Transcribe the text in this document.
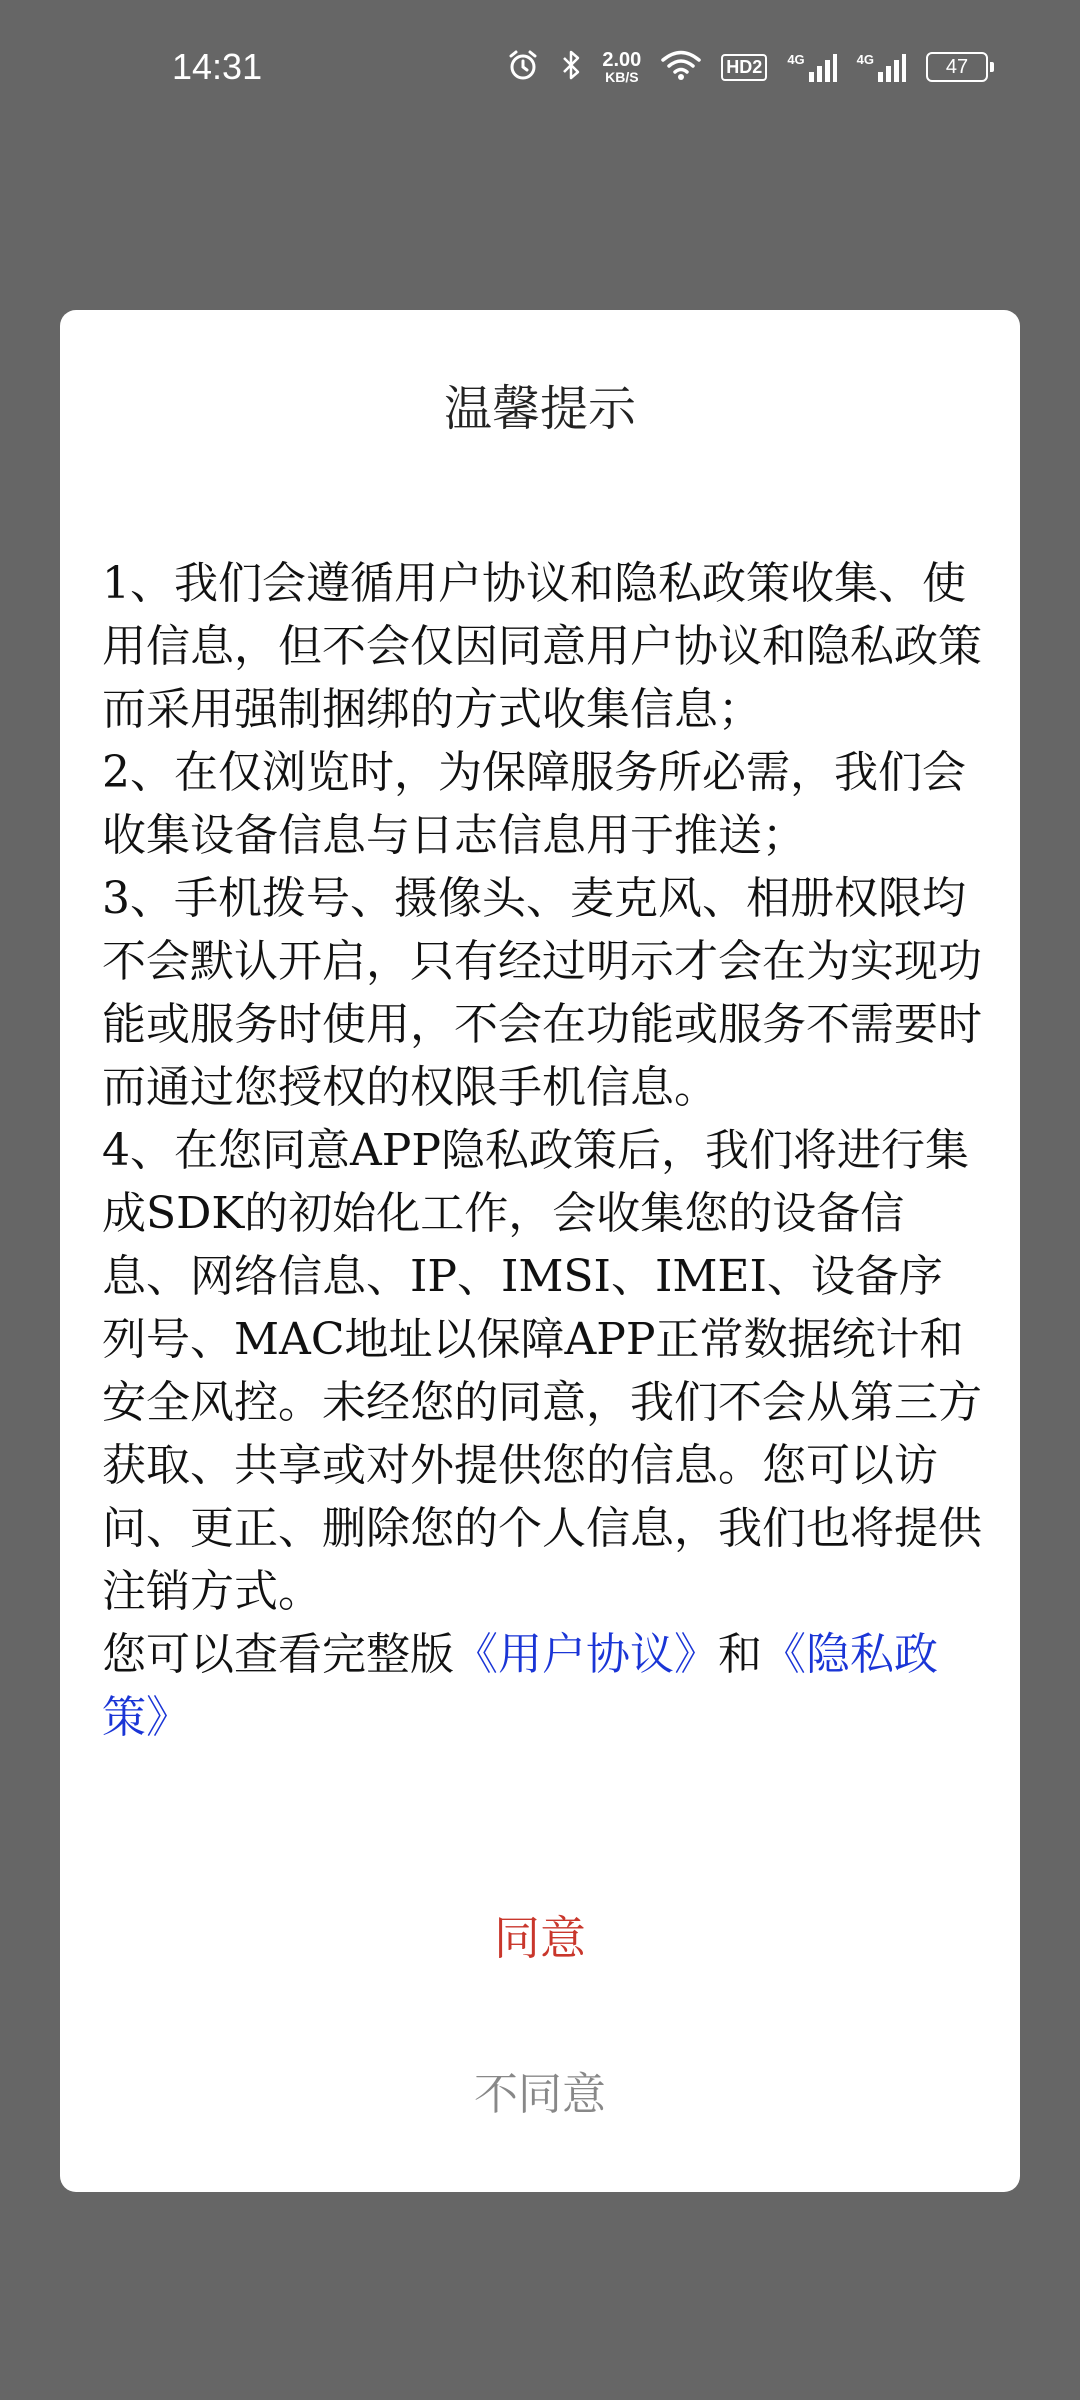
14:31	2.00
KB/S
HD2	4G	4G	47
温馨提示

1、我们会遵循用户协议和隐私政策收集、使用信息，但不会仅因同意用户协议和隐私政策而采用强制捆绑的方式收集信息；

2、在仅浏览时，为保障服务所必需，我们会收集设备信息与日志信息用于推送；

3、手机拨号、摄像头、麦克风、相册权限均不会默认开启，只有经过明示才会在为实现功能或服务时使用，不会在功能或服务不需要时而通过您授权的权限手机信息。

4、在您同意APP隐私政策后，我们将进行集成SDK的初始化工作，会收集您的设备信息、网络信息、IP、IMSI、IMEI、设备序列号、MAC地址以保障APP正常数据统计和安全风控。未经您的同意，我们不会从第三方获取、共享或对外提供您的信息。您可以访问、更正、删除您的个人信息，我们也将提供注销方式。

您可以查看完整版《用户协议》和《隐私政策》

同意
不同意
